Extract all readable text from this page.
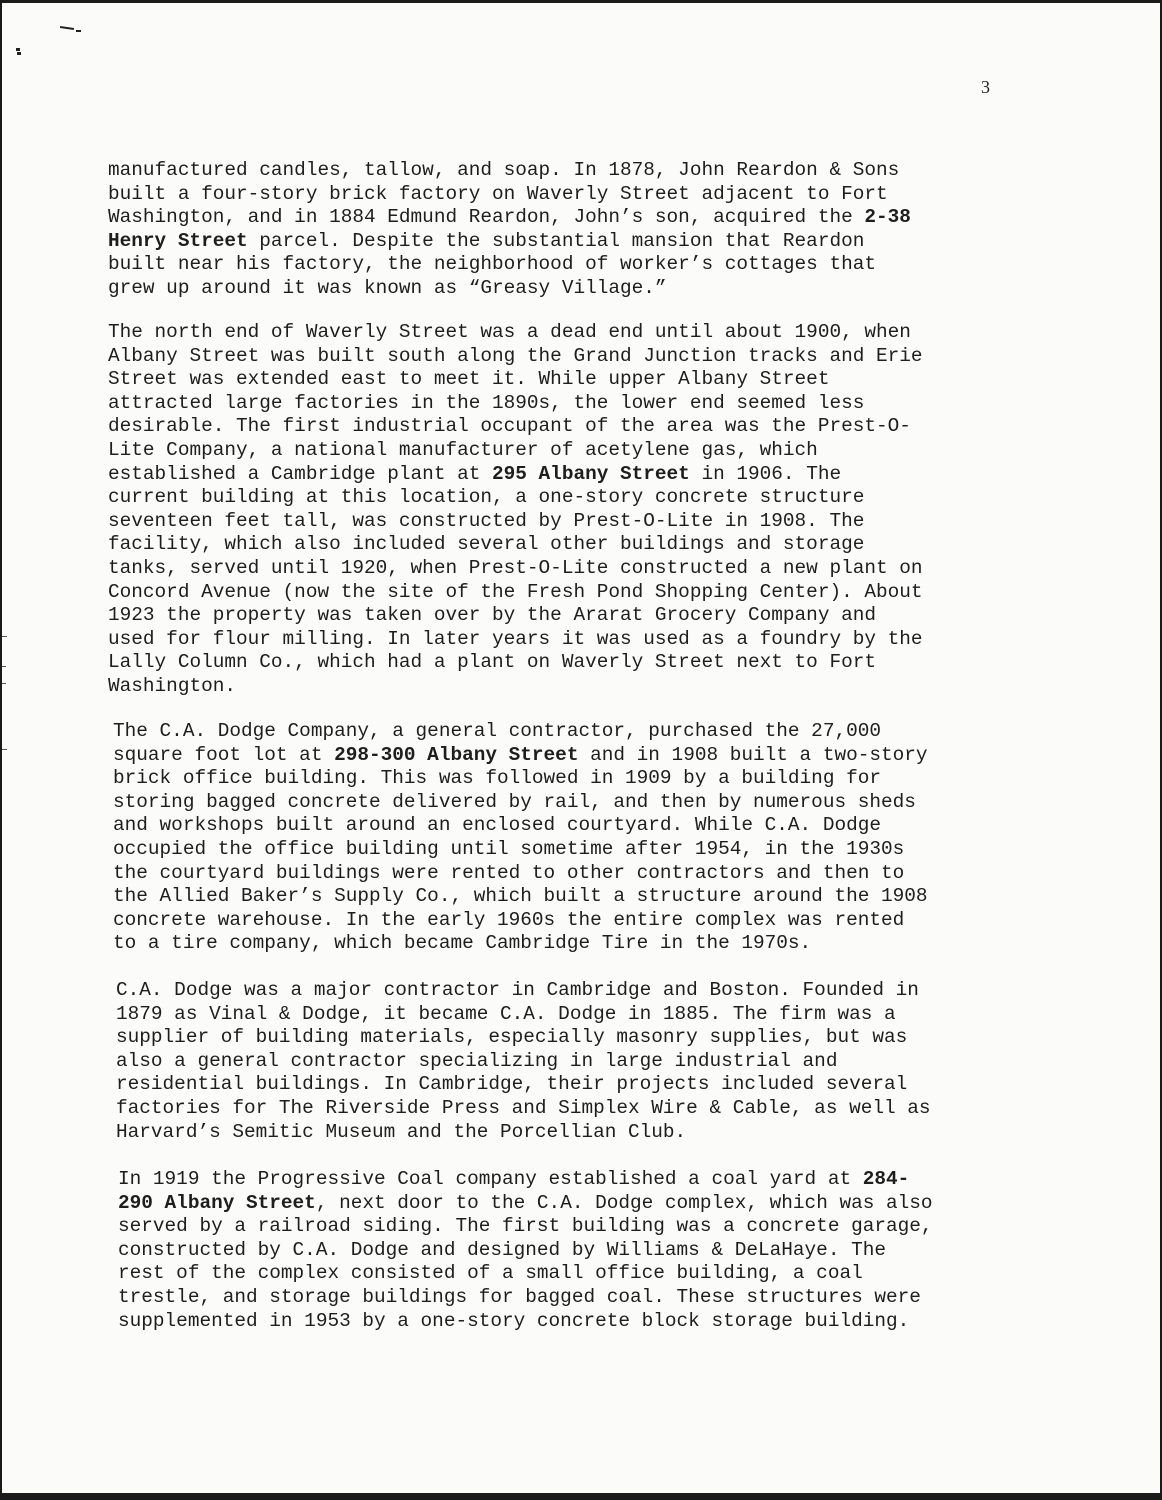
3
manufactured candles, tallow, and soap. In 1878, John Reardon & Sons
built a four-story brick factory on Waverly Street adjacent to Fort
Washington, and in 1884 Edmund Reardon, John’s son, acquired the 2-38
Henry Street parcel. Despite the substantial mansion that Reardon
built near his factory, the neighborhood of worker’s cottages that
grew up around it was known as “Greasy Village.”
The north end of Waverly Street was a dead end until about 1900, when
Albany Street was built south along the Grand Junction tracks and Erie
Street was extended east to meet it. While upper Albany Street
attracted large factories in the 1890s, the lower end seemed less
desirable. The first industrial occupant of the area was the Prest-O-
Lite Company, a national manufacturer of acetylene gas, which
established a Cambridge plant at 295 Albany Street in 1906. The
current building at this location, a one-story concrete structure
seventeen feet tall, was constructed by Prest-O-Lite in 1908. The
facility, which also included several other buildings and storage
tanks, served until 1920, when Prest-O-Lite constructed a new plant on
Concord Avenue (now the site of the Fresh Pond Shopping Center). About
1923 the property was taken over by the Ararat Grocery Company and
used for flour milling. In later years it was used as a foundry by the
Lally Column Co., which had a plant on Waverly Street next to Fort
Washington.
The C.A. Dodge Company, a general contractor, purchased the 27,000
square foot lot at 298-300 Albany Street and in 1908 built a two-story
brick office building. This was followed in 1909 by a building for
storing bagged concrete delivered by rail, and then by numerous sheds
and workshops built around an enclosed courtyard. While C.A. Dodge
occupied the office building until sometime after 1954, in the 1930s
the courtyard buildings were rented to other contractors and then to
the Allied Baker’s Supply Co., which built a structure around the 1908
concrete warehouse. In the early 1960s the entire complex was rented
to a tire company, which became Cambridge Tire in the 1970s.
C.A. Dodge was a major contractor in Cambridge and Boston. Founded in
1879 as Vinal & Dodge, it became C.A. Dodge in 1885. The firm was a
supplier of building materials, especially masonry supplies, but was
also a general contractor specializing in large industrial and
residential buildings. In Cambridge, their projects included several
factories for The Riverside Press and Simplex Wire & Cable, as well as
Harvard’s Semitic Museum and the Porcellian Club.
In 1919 the Progressive Coal company established a coal yard at 284-
290 Albany Street, next door to the C.A. Dodge complex, which was also
served by a railroad siding. The first building was a concrete garage,
constructed by C.A. Dodge and designed by Williams & DeLaHaye. The
rest of the complex consisted of a small office building, a coal
trestle, and storage buildings for bagged coal. These structures were
supplemented in 1953 by a one-story concrete block storage building.
